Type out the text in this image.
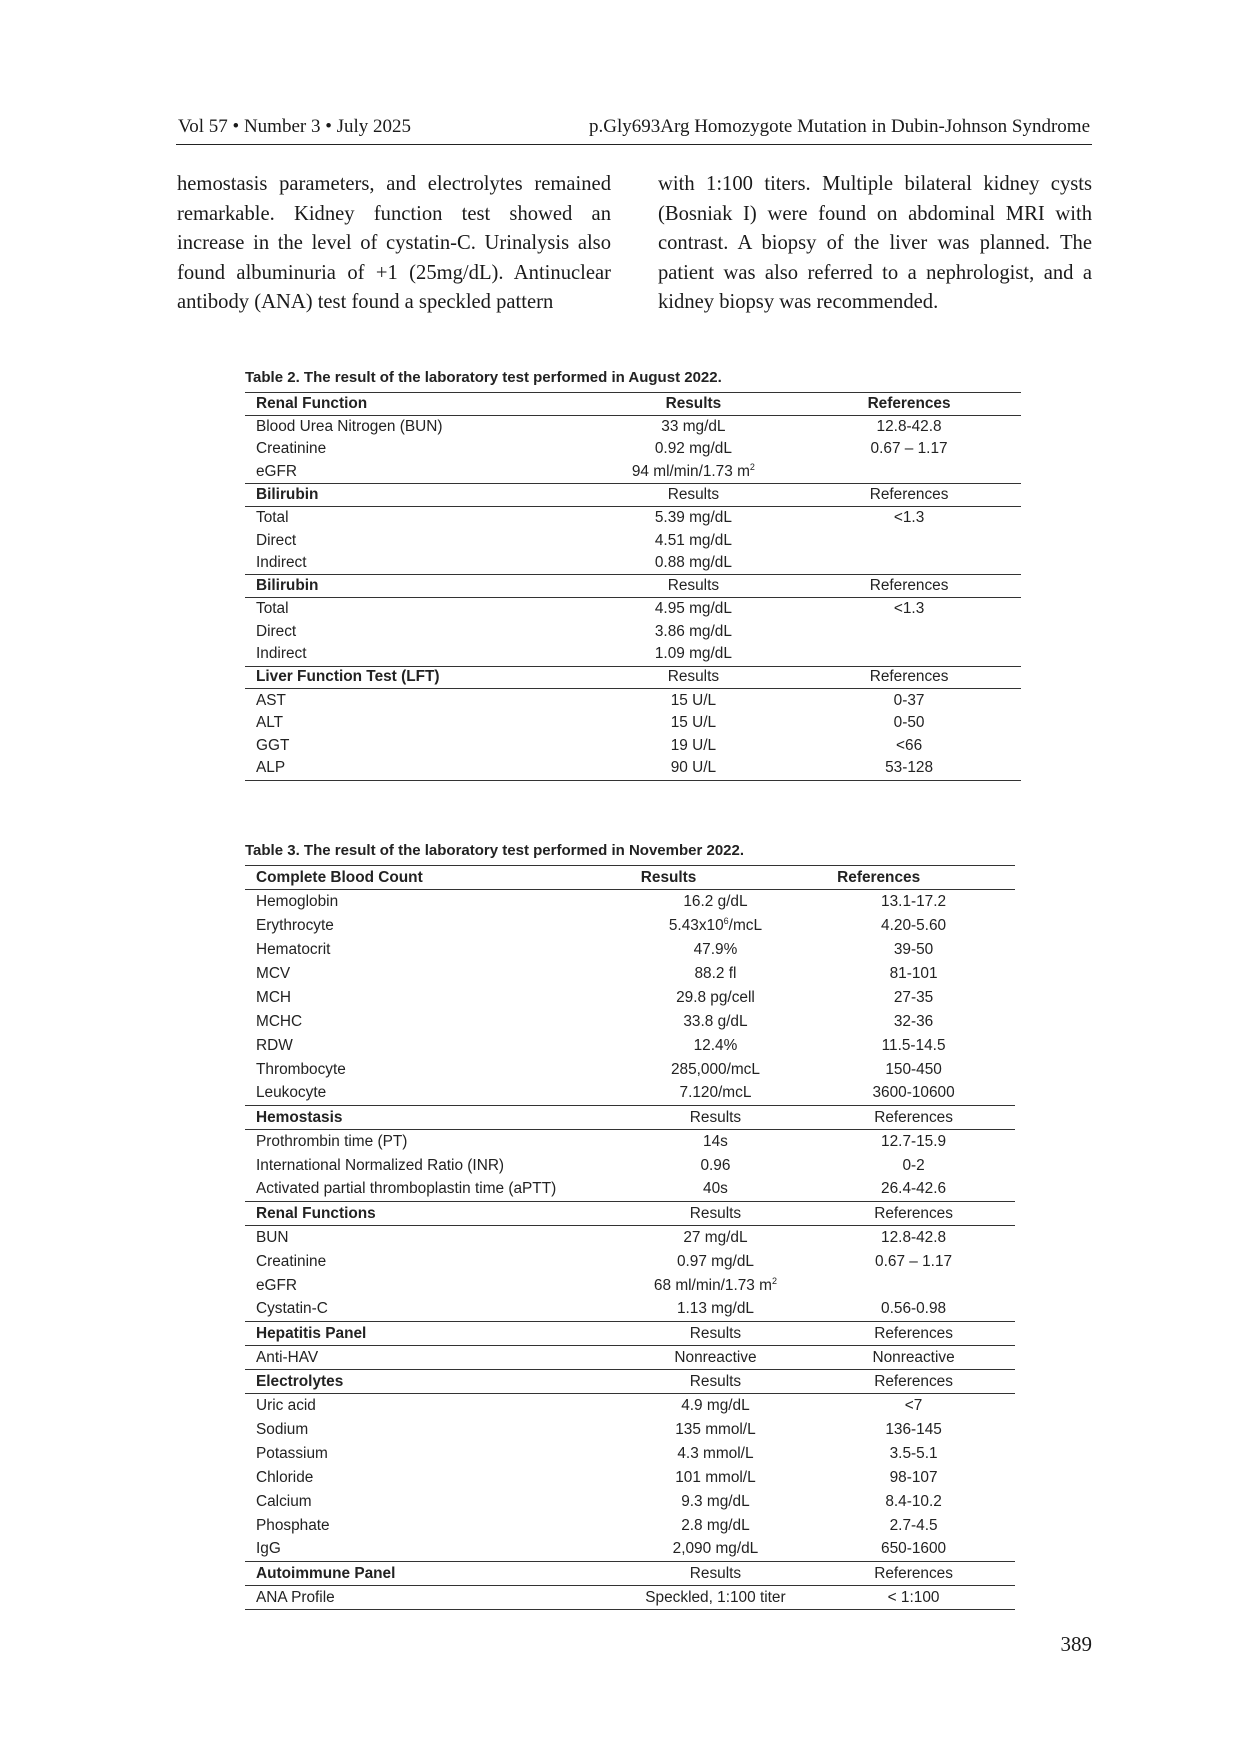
Vol 57 • Number 3 • July 2025	p.Gly693Arg Homozygote Mutation in Dubin-Johnson Syndrome

hemostasis parameters, and electrolytes remained remarkable. Kidney function test showed an increase in the level of cystatin-C. Urinalysis also found albuminuria of +1 (25mg/dL). Antinuclear antibody (ANA) test found a speckled pattern

with 1:100 titers. Multiple bilateral kidney cysts (Bosniak I) were found on abdominal MRI with contrast. A biopsy of the liver was planned. The patient was also referred to a nephrologist, and a kidney biopsy was recommended.

Table 2. The result of the laboratory test performed in August 2022.
Renal Function	Results	References
Blood Urea Nitrogen (BUN)	33 mg/dL	12.8-42.8
Creatinine	0.92 mg/dL	0.67 – 1.17
eGFR	94 ml/min/1.73 $m^2$	
Bilirubin	Results	References
Total	5.39 mg/dL	<1.3
Direct	4.51 mg/dL	
Indirect	0.88 mg/dL	
Bilirubin	Results	References
Total	4.95 mg/dL	<1.3
Direct	3.86 mg/dL	
Indirect	1.09 mg/dL	
Liver Function Test (LFT)	Results	References
AST	15 U/L	0-37
ALT	15 U/L	0-50
GGT	19 U/L	<66
ALP	90 U/L	53-128
Table 3. The result of the laboratory test performed in November 2022.
Complete Blood Count	Results	References
Hemoglobin	16.2 g/dL	13.1-17.2
Erythrocyte	$5.43x10^6$/mcL	4.20-5.60
Hematocrit	47.9%	39-50
MCV	88.2 fl	81-101
MCH	29.8 pg/cell	27-35
MCHC	33.8 g/dL	32-36
RDW	12.4%	11.5-14.5
Thrombocyte	285,000/mcL	150-450
Leukocyte	7.120/mcL	3600-10600
Hemostasis	Results	References
Prothrombin time (PT)	14s	12.7-15.9
International Normalized Ratio (INR)	0.96	0-2
Activated partial thromboplastin time (aPTT)	40s	26.4-42.6
Renal Functions	Results	References
BUN	27 mg/dL	12.8-42.8
Creatinine	0.97 mg/dL	0.67 – 1.17
eGFR	68 ml/min/1.73 $m^2$	
Cystatin-C	1.13 mg/dL	0.56-0.98
Hepatitis Panel	Results	References
Anti-HAV	Nonreactive	Nonreactive
Electrolytes	Results	References
Uric acid	4.9 mg/dL	<7
Sodium	135 mmol/L	136-145
Potassium	4.3 mmol/L	3.5-5.1
Chloride	101 mmol/L	98-107
Calcium	9.3 mg/dL	8.4-10.2
Phosphate	2.8 mg/dL	2.7-4.5
IgG	2,090 mg/dL	650-1600
Autoimmune Panel	Results	References
ANA Profile	Speckled, 1:100 titer	< 1:100
389
